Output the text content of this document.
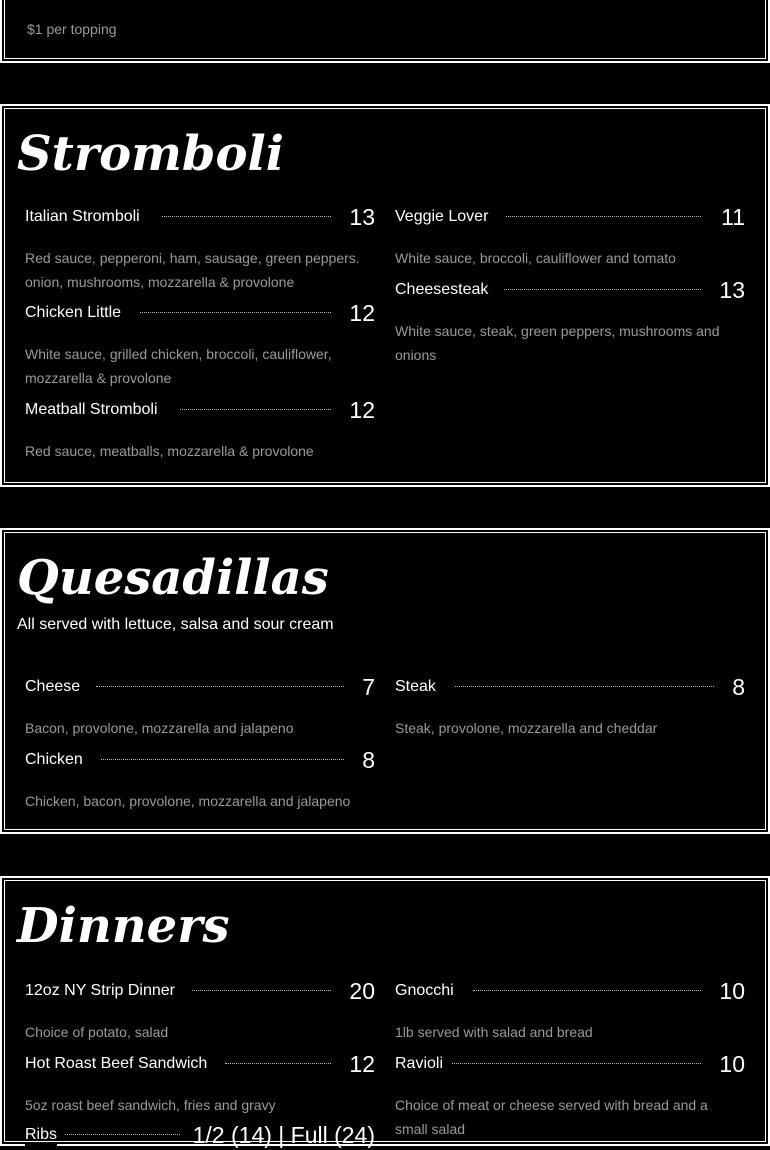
$1 per topping
Stromboli
Italian Stromboli	13
Red sauce, pepperoni, ham, sausage, green peppers. onion, mushrooms, mozzarella & provolone
Chicken Little	12
White sauce, grilled chicken, broccoli, cauliflower, mozzarella & provolone
Meatball Stromboli	12
Red sauce, meatballs, mozzarella & provolone
Veggie Lover	11
White sauce, broccoli, cauliflower and tomato
Cheesesteak	13
White sauce, steak, green peppers, mushrooms and onions
Quesadillas
All served with lettuce, salsa and sour cream
Cheese	7
Bacon, provolone, mozzarella and jalapeno
Chicken	8
Chicken, bacon, provolone, mozzarella and jalapeno
Steak	8
Steak, provolone, mozzarella and cheddar
Dinners
12oz NY Strip Dinner	20
Choice of potato, salad
Hot Roast Beef Sandwich	12
5oz roast beef sandwich, fries and gravy
Ribs	1/2 (14) | Full (24)
Gnocchi	10
1lb served with salad and bread
Ravioli	10
Choice of meat or cheese served with bread and a small salad
